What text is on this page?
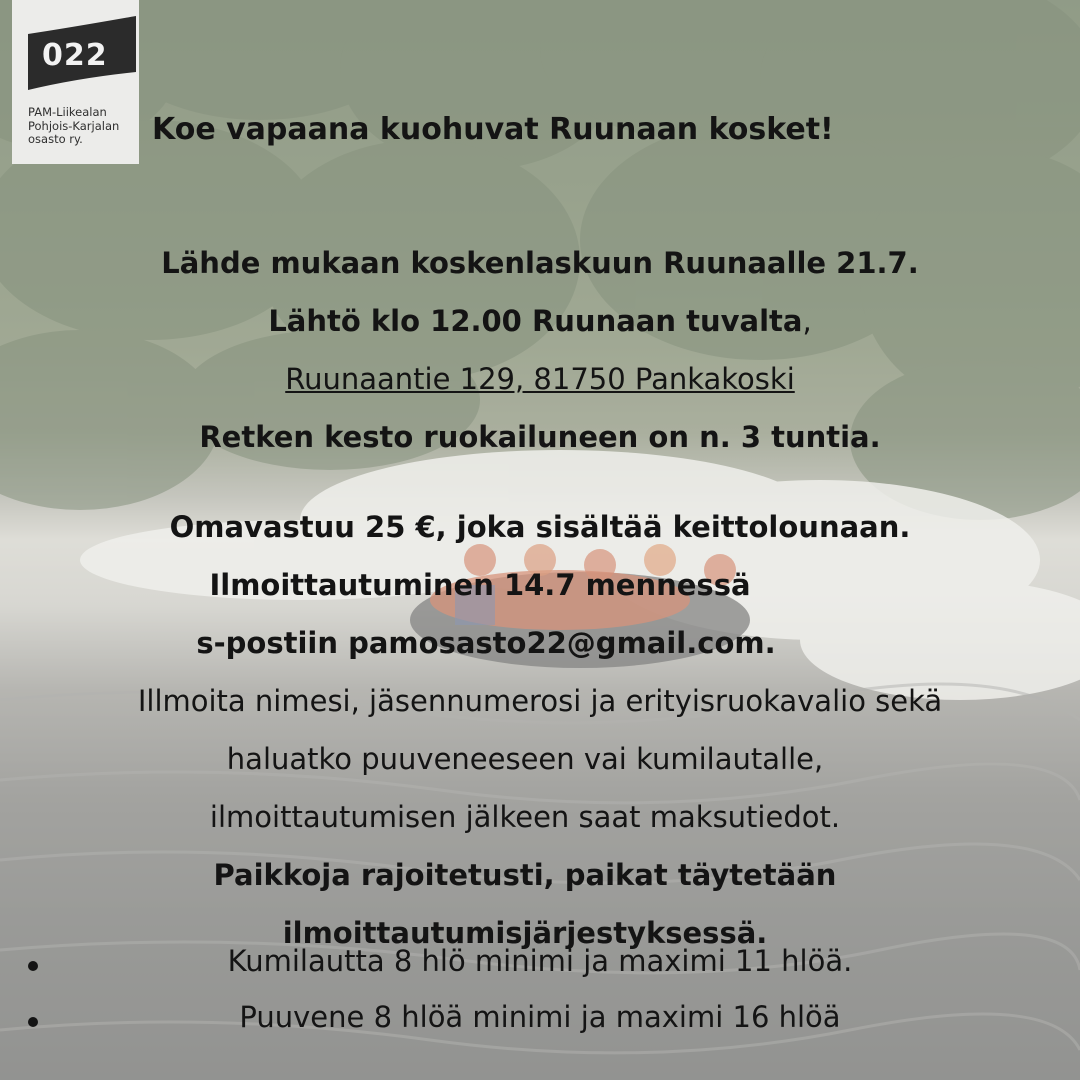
022
PAM-Liikealan
Pohjois-Karjalan
osasto ry.	Koe vapaana kuohuvat Ruunaan kosket!
Lähde mukaan koskenlaskuun Ruunaalle 21.7.
Lähtö klo 12.00 Ruunaan tuvalta,
Ruunaantie 129, 81750 Pankakoski
Retken kesto ruokailuneen on n. 3 tuntia.
Omavastuu 25 €, joka sisältää keittolounaan.
Ilmoittautuminen 14.7 mennessä
s-postiin pamosasto22@gmail.com.
Illmoita nimesi, jäsennumerosi ja erityisruokavalio sekä
haluatko puuveneeseen vai kumilautalle,
ilmoittautumisen jälkeen saat maksutiedot.
Paikkoja rajoitetusti, paikat täytetään
ilmoittautumisjärjestyksessä.
Kumilautta 8 hlö minimi ja maximi 11 hlöä.
Puuvene 8 hlöä minimi ja maximi 16 hlöä
